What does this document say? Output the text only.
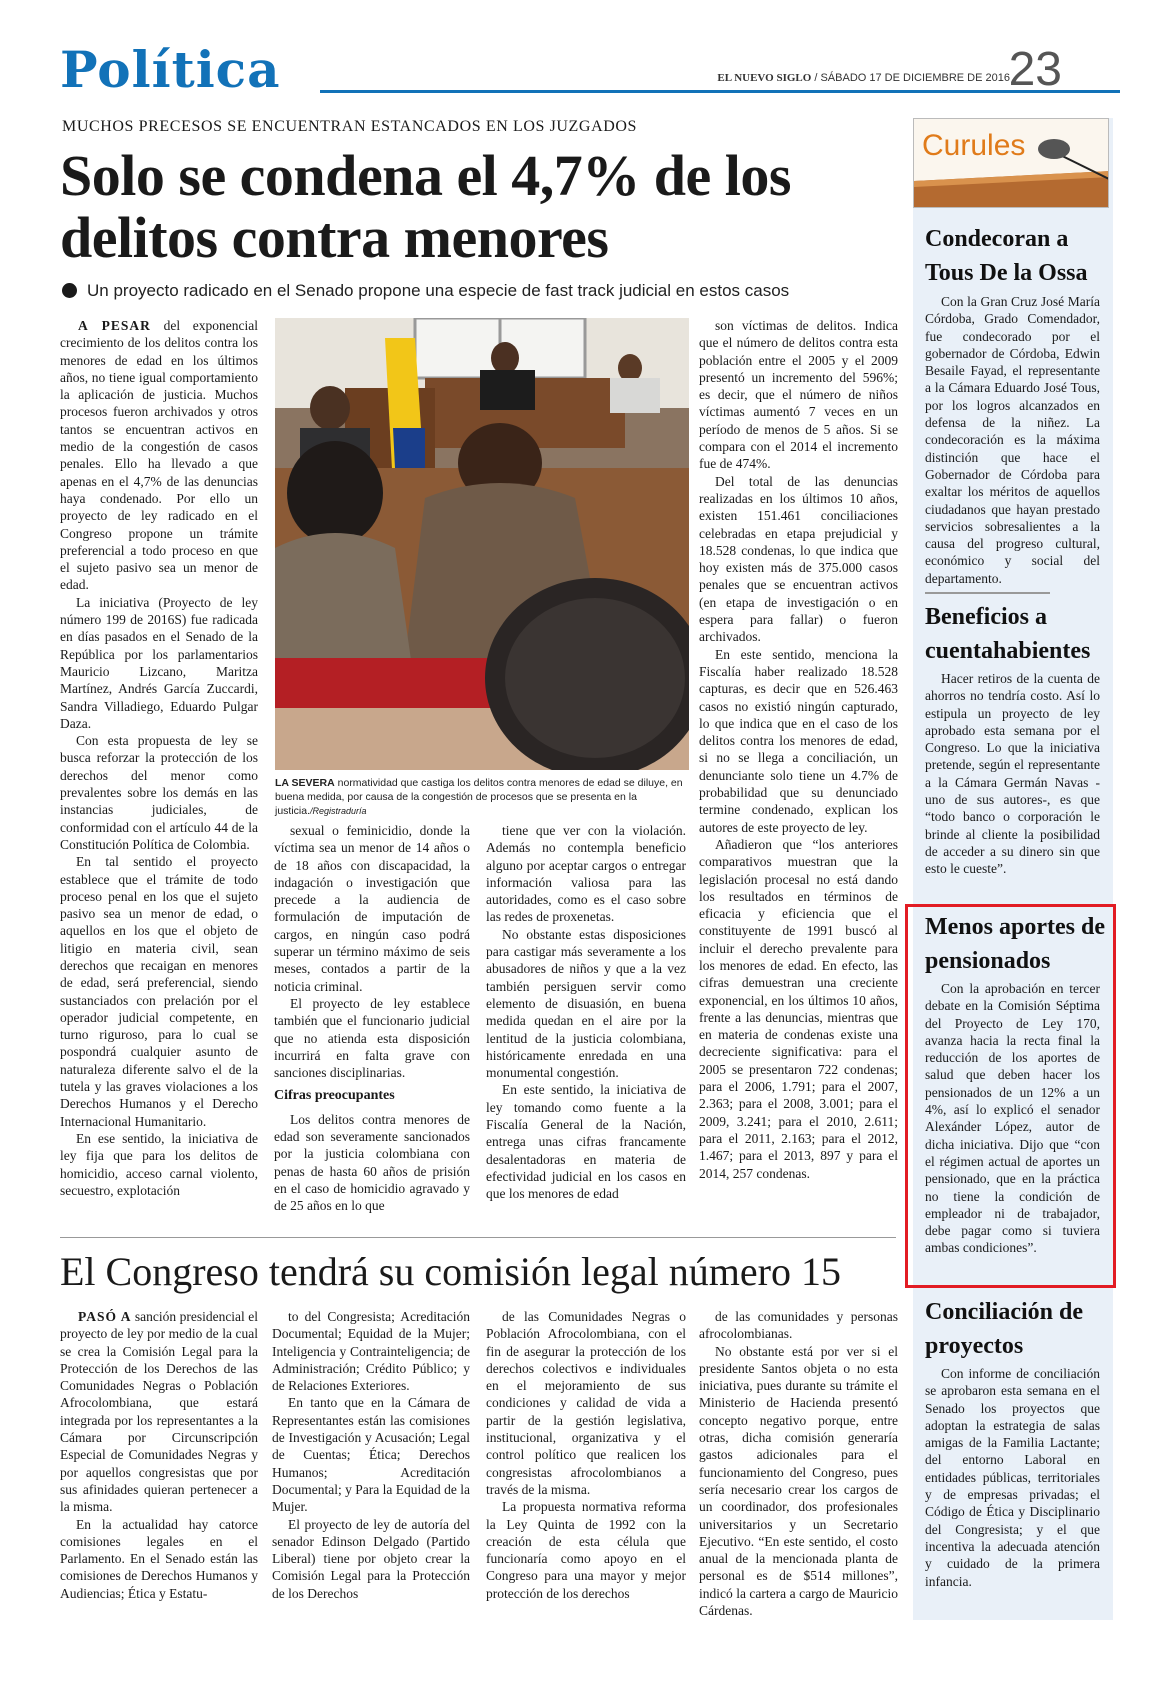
Política	EL NUEVO SIGLO / SÁBADO 17 DE DICIEMBRE DE 2016
23
MUCHOS PRECESOS SE ENCUENTRAN ESTANCADOS EN LOS JUZGADOS
Solo se condena el 4,7% de los delitos contra menores
Un proyecto radicado en el Senado propone una especie de fast track judicial en estos casos

A PESAR del exponencial crecimiento de los delitos contra los menores de edad en los últimos años, no tiene igual comportamiento la aplicación de justicia. Muchos procesos fueron archivados y otros tantos se encuentran activos en medio de la congestión de casos penales. Ello ha llevado a que apenas en el 4,7% de las denuncias haya condenado. Por ello un proyecto de ley radicado en el Congreso propone un trámite preferencial a todo proceso en que el sujeto pasivo sea un menor de edad.

La iniciativa (Proyecto de ley número 199 de 2016S) fue radicada en días pasados en el Senado de la República por los parlamentarios Mauricio Lizcano, Maritza Martínez, Andrés García Zuccardi, Sandra Villadiego, Eduardo Pulgar Daza.

Con esta propuesta de ley se busca reforzar la protección de los derechos del menor como prevalentes sobre los demás en las instancias judiciales, de conformidad con el artículo 44 de la Constitución Política de Colombia.

En tal sentido el proyecto establece que el trámite de todo proceso penal en los que el sujeto pasivo sea un menor de edad, o aquellos en los que el objeto de litigio en materia civil, sean derechos que recaigan en menores de edad, será preferencial, siendo sustanciados con prelación por el operador judicial competente, en turno riguroso, para lo cual se pospondrá cualquier asunto de naturaleza diferente salvo el de la tutela y las graves violaciones a los Derechos Humanos y el Derecho Internacional Humanitario.

En ese sentido, la iniciativa de ley fija que para los delitos de homicidio, acceso carnal violento, secuestro, explotación

LA SEVERA normatividad que castiga los delitos contra menores de edad se diluye, en buena medida, por causa de la congestión de procesos que se presenta en la justicia./Registraduría

sexual o feminicidio, donde la víctima sea un menor de 14 años o de 18 años con discapacidad, la indagación o investigación que precede a la audiencia de formulación de imputación de cargos, en ningún caso podrá superar un término máximo de seis meses, contados a partir de la noticia criminal.

El proyecto de ley establece también que el funcionario judicial que no atienda esta disposición incurrirá en falta grave con sanciones disciplinarias.

Cifras preocupantes

Los delitos contra menores de edad son severamente sancionados por la justicia colombiana con penas de hasta 60 años de prisión en el caso de homicidio agravado y de 25 años en lo que

tiene que ver con la violación. Además no contempla beneficio alguno por aceptar cargos o entregar información valiosa para las autoridades, como es el caso sobre las redes de proxenetas.

No obstante estas disposiciones para castigar más severamente a los abusadores de niños y que a la vez también persiguen servir como elemento de disuasión, en buena medida quedan en el aire por la lentitud de la justicia colombiana, históricamente enredada en una monumental congestión.

En este sentido, la iniciativa de ley tomando como fuente a la Fiscalía General de la Nación, entrega unas cifras francamente desalentadoras en materia de efectividad judicial en los casos en que los menores de edad

son víctimas de delitos. Indica que el número de delitos contra esta población entre el 2005 y el 2009 presentó un incremento del 596%; es decir, que el número de niños víctimas aumentó 7 veces en un período de menos de 5 años. Si se compara con el 2014 el incremento fue de 474%.

Del total de las denuncias realizadas en los últimos 10 años, existen 151.461 conciliaciones celebradas en etapa prejudicial y 18.528 condenas, lo que indica que hoy existen más de 375.000 casos penales que se encuentran activos (en etapa de investigación o en espera para fallar) o fueron archivados.

En este sentido, menciona la Fiscalía haber realizado 18.528 capturas, es decir que en 526.463 casos no existió ningún capturado, lo que indica que en el caso de los delitos contra los menores de edad, si no se llega a conciliación, un denunciante solo tiene un 4.7% de probabilidad que su denunciado termine condenado, explican los autores de este proyecto de ley.

Añadieron que “los anteriores comparativos muestran que la legislación procesal no está dando los resultados en términos de eficacia y eficiencia que el constituyente de 1991 buscó al incluir el derecho prevalente para los menores de edad. En efecto, las cifras demuestran una creciente exponencial, en los últimos 10 años, frente a las denuncias, mientras que en materia de condenas existe una decreciente significativa: para el 2005 se presentaron 722 condenas; para el 2006, 1.791; para el 2007, 2.363; para el 2008, 3.001; para el 2009, 3.241; para el 2010, 2.611; para el 2011, 2.163; para el 2012, 1.467; para el 2013, 897 y para el 2014, 257 condenas.

El Congreso tendrá su comisión legal número 15

PASÓ A sanción presidencial el proyecto de ley por medio de la cual se crea la Comisión Legal para la Protección de los Derechos de las Comunidades Negras o Población Afrocolombiana, que estará integrada por los representantes a la Cámara por Circunscripción Especial de Comunidades Negras y por aquellos congresistas que por sus afinidades quieran pertenecer a la misma.

En la actualidad hay catorce comisiones legales en el Parlamento. En el Senado están las comisiones de Derechos Humanos y Audiencias; Ética y Estatu-

to del Congresista; Acreditación Documental; Equidad de la Mujer; Inteligencia y Contrainteligencia; de Administración; Crédito Público; y de Relaciones Exteriores.

En tanto que en la Cámara de Representantes están las comisiones de Investigación y Acusación; Legal de Cuentas; Ética; Derechos Humanos; Acreditación Documental; y Para la Equidad de la Mujer.

El proyecto de ley de autoría del senador Edinson Delgado (Partido Liberal) tiene por objeto crear la Comisión Legal para la Protección de los Derechos

de las Comunidades Negras o Población Afrocolombiana, con el fin de asegurar la protección de los derechos colectivos e individuales en el mejoramiento de sus condiciones y calidad de vida a partir de la gestión legislativa, institucional, organizativa y el control político que realicen los congresistas afrocolombianos a través de la misma.

La propuesta normativa reforma la Ley Quinta de 1992 con la creación de esta célula que funcionaría como apoyo en el Congreso para una mayor y mejor protección de los derechos

de las comunidades y personas afrocolombianas.

No obstante está por ver si el presidente Santos objeta o no esta iniciativa, pues durante su trámite el Ministerio de Hacienda presentó concepto negativo porque, entre otras, dicha comisión generaría gastos adicionales para el funcionamiento del Congreso, pues sería necesario crear los cargos de un coordinador, dos profesionales universitarios y un Secretario Ejecutivo. “En este sentido, el costo anual de la mencionada planta de personal es de $514 millones”, indicó la cartera a cargo de Mauricio Cárdenas.

Curules
Condecoran a Tous De la Ossa

Con la Gran Cruz José María Córdoba, Grado Comendador, fue condecorado por el gobernador de Córdoba, Edwin Besaile Fayad, el representante a la Cámara Eduardo José Tous, por los logros alcanzados en defensa de la niñez. La condecoración es la máxima distinción que hace el Gobernador de Córdoba para exaltar los méritos de aquellos ciudadanos que hayan prestado servicios sobresalientes a la causa del progreso cultural, económico y social del departamento.

Beneficios a cuentahabientes

Hacer retiros de la cuenta de ahorros no tendría costo. Así lo estipula un proyecto de ley aprobado esta semana por el Congreso. Lo que la iniciativa pretende, según el representante a la Cámara Germán Navas -uno de sus autores-, es que “todo banco o corporación le brinde al cliente la posibilidad de acceder a su dinero sin que esto le cueste”.

Menos aportes de pensionados

Con la aprobación en tercer debate en la Comisión Séptima del Proyecto de Ley 170, avanza hacia la recta final la reducción de los aportes de salud que deben hacer los pensionados de un 12% a un 4%, así lo explicó el senador Alexánder López, autor de dicha iniciativa. Dijo que “con el régimen actual de aportes un pensionado, que en la práctica no tiene la condición de empleador ni de trabajador, debe pagar como si tuviera ambas condiciones”.

Conciliación de proyectos

Con informe de conciliación se aprobaron esta semana en el Senado los proyectos que adoptan la estrategia de salas amigas de la Familia Lactante; del entorno Laboral en entidades públicas, territoriales y de empresas privadas; el Código de Ética y Disciplinario del Congresista; y el que incentiva la adecuada atención y cuidado de la primera infancia.
